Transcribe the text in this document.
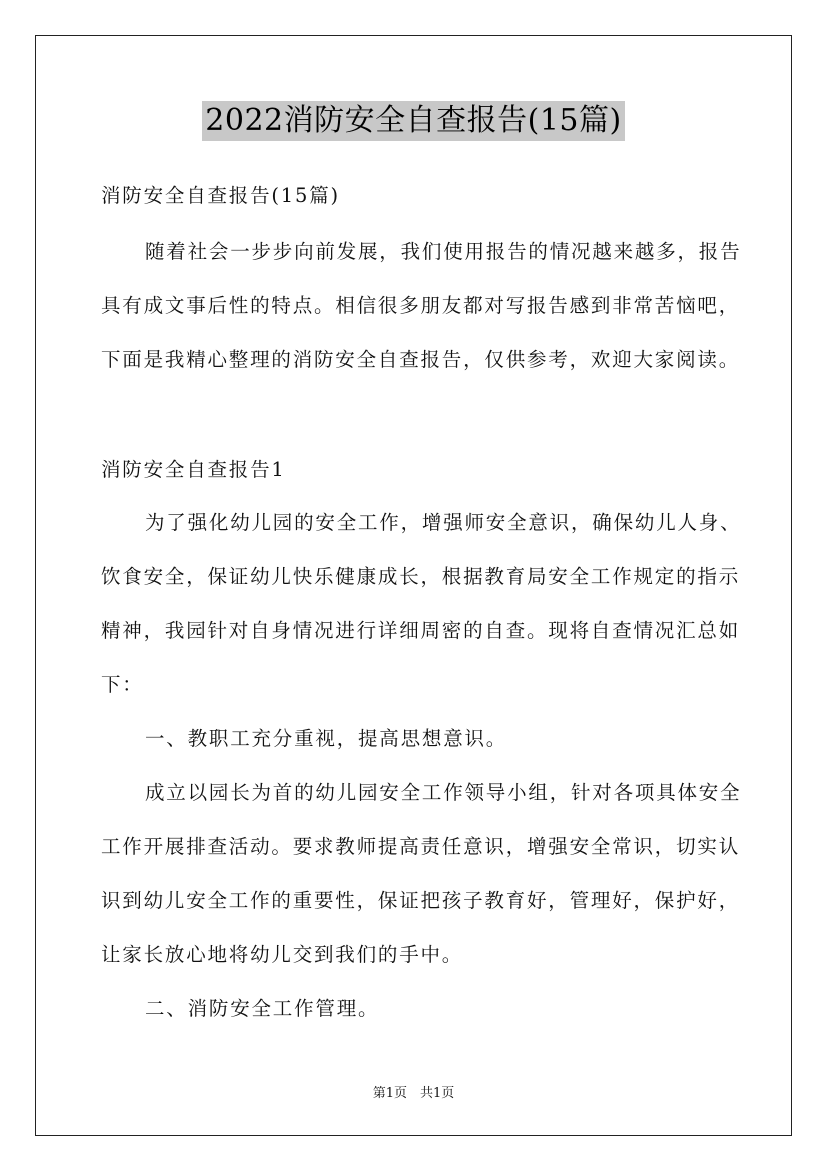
2022消防安全自查报告(15篇)

消防安全自查报告(15篇)

随着社会一步步向前发展，我们使用报告的情况越来越多，报告

具有成文事后性的特点。相信很多朋友都对写报告感到非常苦恼吧，

下面是我精心整理的消防安全自查报告，仅供参考，欢迎大家阅读。

消防安全自查报告1

为了强化幼儿园的安全工作，增强师安全意识，确保幼儿人身、

饮食安全，保证幼儿快乐健康成长，根据教育局安全工作规定的指示

精神，我园针对自身情况进行详细周密的自查。现将自查情况汇总如

下：

一、教职工充分重视，提高思想意识。

成立以园长为首的幼儿园安全工作领导小组，针对各项具体安全

工作开展排查活动。要求教师提高责任意识，增强安全常识，切实认

识到幼儿安全工作的重要性，保证把孩子教育好，管理好，保护好，

让家长放心地将幼儿交到我们的手中。

二、消防安全工作管理。

第1页　共1页
